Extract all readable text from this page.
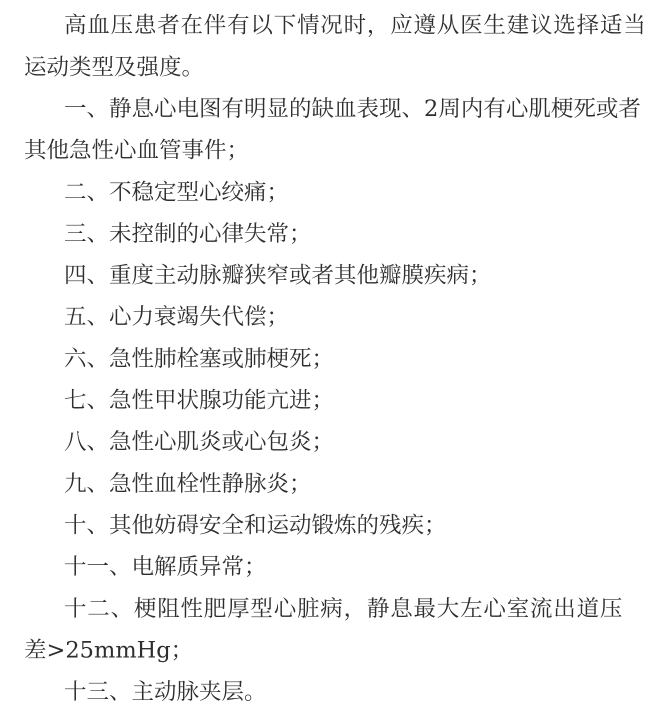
高血压患者在伴有以下情况时，应遵从医生建议选择适当
运动类型及强度。
一、静息心电图有明显的缺血表现、2周内有心肌梗死或者
其他急性心血管事件；
二、不稳定型心绞痛；
三、未控制的心律失常；
四、重度主动脉瓣狭窄或者其他瓣膜疾病；
五、心力衰竭失代偿；
六、急性肺栓塞或肺梗死；
七、急性甲状腺功能亢进；
八、急性心肌炎或心包炎；
九、急性血栓性静脉炎；
十、其他妨碍安全和运动锻炼的残疾；
十一、电解质异常；
十二、梗阻性肥厚型心脏病，静息最大左心室流出道压
差>25mmHg；
十三、主动脉夹层。
